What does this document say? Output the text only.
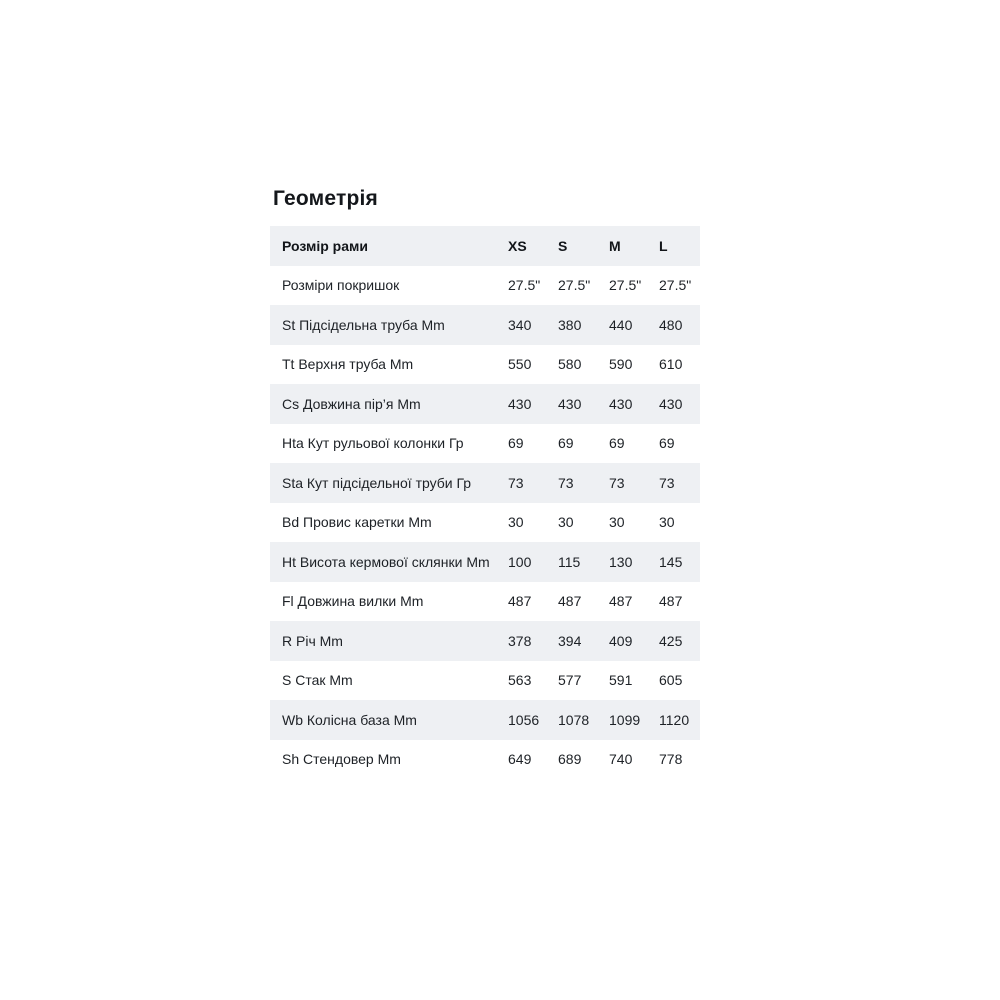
Геометрія
Розмір рами	XS	S	M	L
Розміри покришок	27.5"	27.5"	27.5"	27.5"
St Підсідельна труба Mm	340	380	440	480
Tt Верхня труба Mm	550	580	590	610
Cs Довжина пір’я Mm	430	430	430	430
Hta Кут рульової колонки Гр	69	69	69	69
Sta Кут підсідельної труби Гр	73	73	73	73
Bd Провис каретки Mm	30	30	30	30
Ht Висота кермової склянки Mm	100	115	130	145
Fl Довжина вилки Mm	487	487	487	487
R Річ Mm	378	394	409	425
S Стак Mm	563	577	591	605
Wb Колісна база Mm	1056	1078	1099	1120
Sh Стендовер Mm	649	689	740	778
